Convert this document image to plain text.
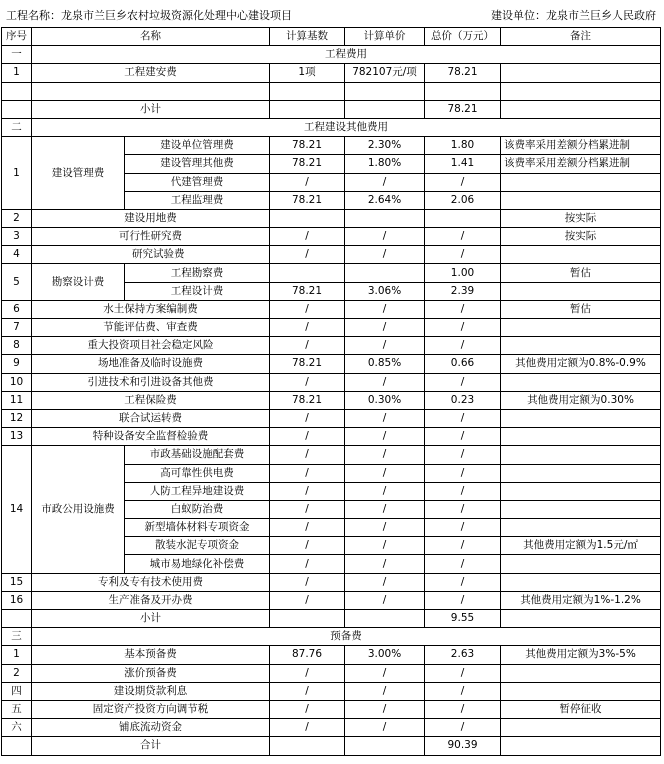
工程名称：龙泉市兰巨乡农村垃圾资源化处理中心建设项目	建设单位：龙泉市兰巨乡人民政府
序号	名称		计算基数	计算单价	总价（万元）	备注
一	工程费用					
1	工程建安费		1项	782107元/项	78.21	

	小计				78.21	
二	工程建设其他费用					
1	建设管理费	建设单位管理费	78.21	2.30%	1.80	该费率采用差额分档累进制
		建设管理其他费	78.21	1.80%	1.41	该费率采用差额分档累进制
		代建管理费	/	/	/	
		工程监理费	78.21	2.64%	2.06	
2	建设用地费					按实际
3	可行性研究费		/	/	/	按实际
4	研究试验费		/	/	/	
5	勘察设计费	工程勘察费			1.00	暂估
		工程设计费	78.21	3.06%	2.39	
6	水土保持方案编制费		/	/	/	暂估
7	节能评估费、审查费		/	/	/	
8	重大投资项目社会稳定风险		/	/	/	
9	场地准备及临时设施费		78.21	0.85%	0.66	其他费用定额为0.8%-0.9%
10	引进技术和引进设备其他费		/	/	/	
11	工程保险费		78.21	0.30%	0.23	其他费用定额为0.30%
12	联合试运转费		/	/	/	
13	特种设备安全监督检验费		/	/	/	
14	市政公用设施费	市政基础设施配套费	/	/	/	
		高可靠性供电费	/	/	/	
		人防工程异地建设费	/	/	/	
		白蚁防治费	/	/	/	
		新型墙体材料专项资金	/	/	/	
		散装水泥专项资金	/	/	/	其他费用定额为1.5元/㎡
		城市易地绿化补偿费	/	/	/	
15	专利及专有技术使用费		/	/	/	
16	生产准备及开办费		/	/	/	其他费用定额为1%-1.2%
	小计				9.55	
三	预备费					
1	基本预备费		87.76	3.00%	2.63	其他费用定额为3%-5%
2	涨价预备费		/	/	/	
四	建设期贷款利息		/	/	/	
五	固定资产投资方向调节税		/	/	/	暂停征收
六	铺底流动资金		/	/	/	
	合计				90.39	
